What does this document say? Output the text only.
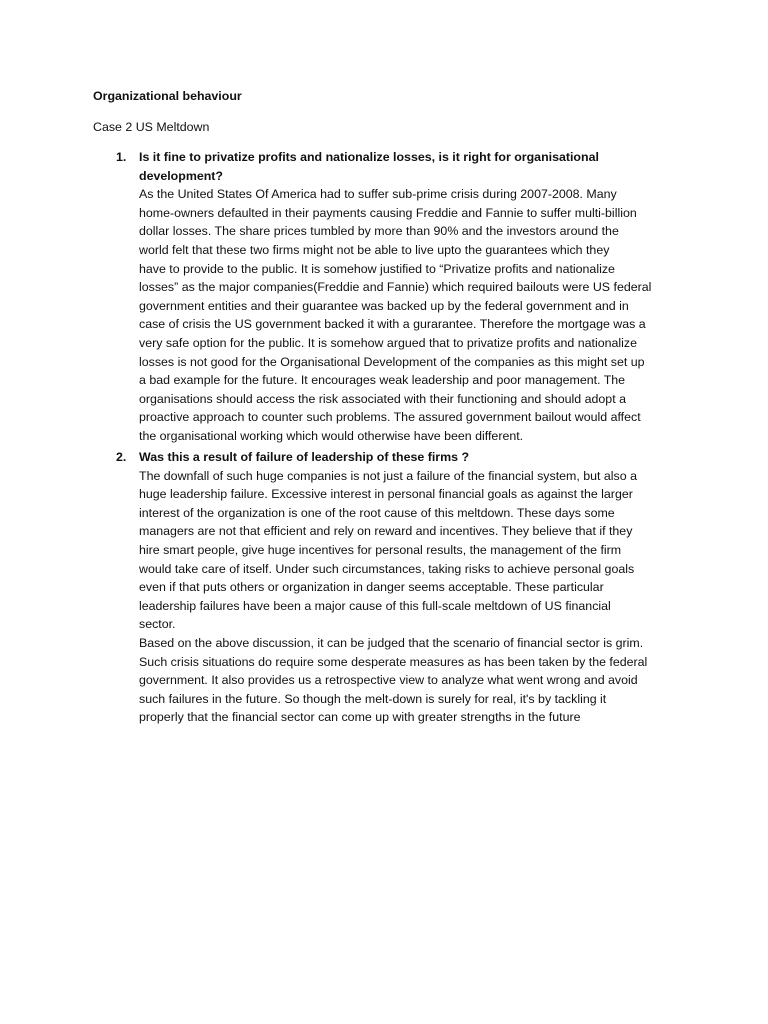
Organizational behaviour
Case 2 US Meltdown
1. Is it fine to privatize profits and nationalize losses, is it right for organisational
development?
As the United States Of America had to suffer sub-prime crisis during 2007-2008. Many
home-owners defaulted in their payments causing Freddie and Fannie to suffer multi-billion
dollar losses. The share prices tumbled by more than 90% and the investors around the
world felt that these two firms might not be able to live upto the guarantees which they
have to provide to the public. It is somehow justified to “Privatize profits and nationalize
losses” as the major companies(Freddie and Fannie) which required bailouts were US federal
government entities and their guarantee was backed up by the federal government and in
case of crisis the US government backed it with a gurarantee. Therefore the mortgage was a
very safe option for the public. It is somehow argued that to privatize profits and nationalize
losses is not good for the Organisational Development of the companies as this might set up
a bad example for the future. It encourages weak leadership and poor management. The
organisations should access the risk associated with their functioning and should adopt a
proactive approach to counter such problems. The assured government bailout would affect
the organisational working which would otherwise have been different.
2. Was this a result of failure of leadership of these firms ?
The downfall of such huge companies is not just a failure of the financial system, but also a
huge leadership failure. Excessive interest in personal financial goals as against the larger
interest of the organization is one of the root cause of this meltdown. These days some
managers are not that efficient and rely on reward and incentives. They believe that if they
hire smart people, give huge incentives for personal results, the management of the firm
would take care of itself. Under such circumstances, taking risks to achieve personal goals
even if that puts others or organization in danger seems acceptable. These particular
leadership failures have been a major cause of this full-scale meltdown of US financial
sector.
Based on the above discussion, it can be judged that the scenario of financial sector is grim.
Such crisis situations do require some desperate measures as has been taken by the federal
government. It also provides us a retrospective view to analyze what went wrong and avoid
such failures in the future. So though the melt-down is surely for real, it's by tackling it
properly that the financial sector can come up with greater strengths in the future
